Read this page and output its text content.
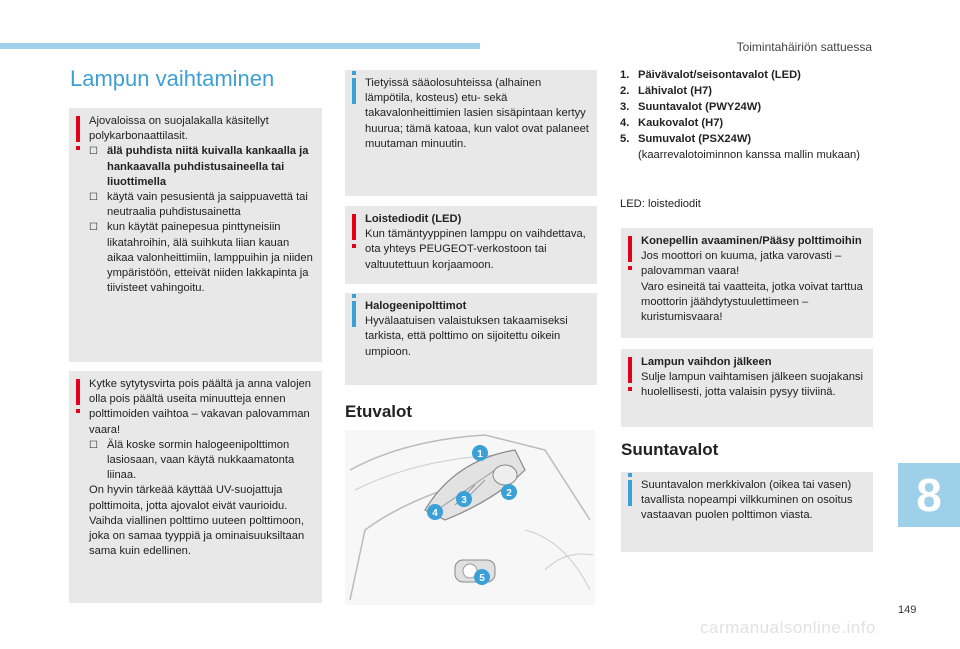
Toimintahäiriön sattuessa
Lampun vaihtaminen
Ajovaloissa on suojalakalla käsitellyt polykarbonaattilasit.
☐ älä puhdista niitä kuivalla kankaalla ja hankaavalla puhdistusaineella tai liuottimella
☐ käytä vain pesusientä ja saippuavettä tai neutraalia puhdistusainetta
☐ kun käytät painepesua pinttyneisiin likatahroihin, älä suihkuta liian kauan aikaa valonheittimiin, lamppuihin ja niiden ympäristöön, etteivät niiden lakkapinta ja tiivisteet vahingoitu.
Kytke sytytysvirta pois päältä ja anna valojen olla pois päältä useita minuutteja ennen polttimoiden vaihtoa – vakavan palovamman vaara!
☐ Älä koske sormin halogeenipolttimon lasiosaan, vaan käytä nukkaamatonta liinaa.
On hyvin tärkeää käyttää UV-suojattuja polttimoita, jotta ajovalot eivät vaurioidu. Vaihda viallinen polttimo uuteen polttimoon, joka on samaa tyyppiä ja ominaisuuksiltaan sama kuin edellinen.
Tietyissä sääolosuhteissa (alhainen lämpötila, kosteus) etu- sekä takavalonheittimien lasien sisäpintaan kertyy huurua; tämä katoaa, kun valot ovat palaneet muutaman minuutin.
Loistediodit (LED)
Kun tämäntyyppinen lamppu on vaihdettava, ota yhteys PEUGEOT-verkostoon tai valtuutettuun korjaamoon.
Halogeenipolttimot
Hyvälaatuisen valaistuksen takaamiseksi tarkista, että polttimo on sijoitettu oikein umpioon.
Etuvalot
1
2
3
4
5
1. Päivävalot/seisontavalot (LED)
2. Lähivalot (H7)
3. Suuntavalot (PWY24W)
4. Kaukovalot (H7)
5. Sumuvalot (PSX24W)
(kaarrevalotoiminnon kanssa mallin mukaan)
LED: loistediodit
Konepellin avaaminen/Pääsy polttimoihin
Jos moottori on kuuma, jatka varovasti – palovamman vaara!
Varo esineitä tai vaatteita, jotka voivat tarttua moottorin jäähdytystuulettimeen – kuristumisvaara!
Lampun vaihdon jälkeen
Sulje lampun vaihtamisen jälkeen suojakansi huolellisesti, jotta valaisin pysyy tiiviinä.
Suuntavalot
Suuntavalon merkkivalon (oikea tai vasen) tavallista nopeampi vilkkuminen on osoitus vastaavan puolen polttimon viasta.	8
149
carmanualsonline.info
